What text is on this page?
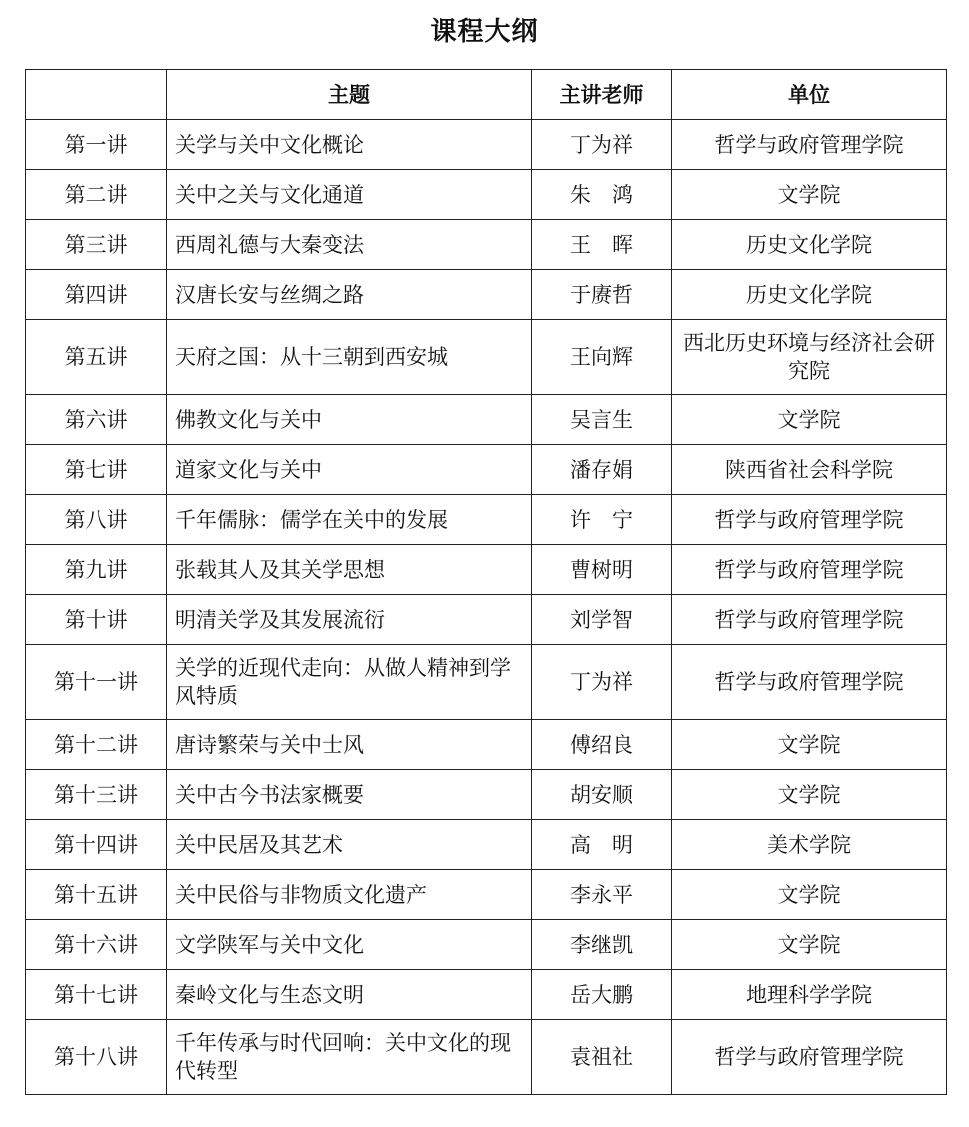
课程大纲
	主题	主讲老师	单位
第一讲	关学与关中文化概论	丁为祥	哲学与政府管理学院
第二讲	关中之关与文化通道	朱　鸿	文学院
第三讲	西周礼德与大秦变法	王　晖	历史文化学院
第四讲	汉唐长安与丝绸之路	于赓哲	历史文化学院
第五讲	天府之国：从十三朝到西安城	王向辉	西北历史环境与经济社会研究院
第六讲	佛教文化与关中	吴言生	文学院
第七讲	道家文化与关中	潘存娟	陕西省社会科学院
第八讲	千年儒脉：儒学在关中的发展	许　宁	哲学与政府管理学院
第九讲	张载其人及其关学思想	曹树明	哲学与政府管理学院
第十讲	明清关学及其发展流衍	刘学智	哲学与政府管理学院
第十一讲	关学的近现代走向：从做人精神到学风特质	丁为祥	哲学与政府管理学院
第十二讲	唐诗繁荣与关中士风	傅绍良	文学院
第十三讲	关中古今书法家概要	胡安顺	文学院
第十四讲	关中民居及其艺术	高　明	美术学院
第十五讲	关中民俗与非物质文化遗产	李永平	文学院
第十六讲	文学陕军与关中文化	李继凯	文学院
第十七讲	秦岭文化与生态文明	岳大鹏	地理科学学院
第十八讲	千年传承与时代回响：关中文化的现代转型	袁祖社	哲学与政府管理学院
